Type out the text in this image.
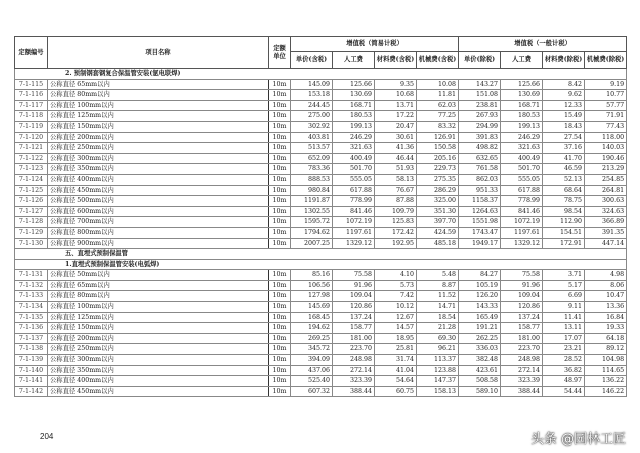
定额编号	项目名称	定额单位	增值税（简易计税）				增值税（一般计税）			
			单价(含税)	人工费	材料费(含税)	机械费(含税)	单价(除税)	人工费	材料费(除税)	机械费(除税)
2. 预制钢套钢复合保温管安装(氩电联焊)										
7-1-115	公称直径 65mm以内	10m	145.09	125.66	9.35	10.08	143.27	125.66	8.42	9.19
7-1-116	公称直径 80mm以内	10m	153.18	130.69	10.68	11.81	151.08	130.69	9.62	10.77
7-1-117	公称直径 100mm以内	10m	244.45	168.71	13.71	62.03	238.81	168.71	12.33	57.77
7-1-118	公称直径 125mm以内	10m	275.00	180.53	17.22	77.25	267.93	180.53	15.49	71.91
7-1-119	公称直径 150mm以内	10m	302.92	199.13	20.47	83.32	294.99	199.13	18.43	77.43
7-1-120	公称直径 200mm以内	10m	403.81	246.29	30.61	126.91	391.83	246.29	27.54	118.00
7-1-121	公称直径 250mm以内	10m	513.57	321.63	41.36	150.58	498.82	321.63	37.16	140.03
7-1-122	公称直径 300mm以内	10m	652.09	400.49	46.44	205.16	632.65	400.49	41.70	190.46
7-1-123	公称直径 350mm以内	10m	783.36	501.70	51.93	229.73	761.58	501.70	46.59	213.29
7-1-124	公称直径 400mm以内	10m	888.53	555.05	58.13	275.35	862.03	555.05	52.13	254.85
7-1-125	公称直径 450mm以内	10m	980.84	617.88	76.67	286.29	951.33	617.88	68.64	264.81
7-1-126	公称直径 500mm以内	10m	1191.87	778.99	87.88	325.00	1158.37	778.99	78.75	300.63
7-1-127	公称直径 600mm以内	10m	1302.55	841.46	109.79	351.30	1264.63	841.46	98.54	324.63
7-1-128	公称直径 700mm以内	10m	1595.72	1072.19	125.83	397.70	1551.98	1072.19	112.90	366.89
7-1-129	公称直径 800mm以内	10m	1794.62	1197.61	172.42	424.59	1743.47	1197.61	154.51	391.35
7-1-130	公称直径 900mm以内	10m	2007.25	1329.12	192.95	485.18	1949.17	1329.12	172.91	447.14
五、直埋式预制保温管										
1.直埋式预制保温管安装(电弧焊)										
7-1-131	公称直径 50mm以内	10m	85.16	75.58	4.10	5.48	84.27	75.58	3.71	4.98
7-1-132	公称直径 65mm以内	10m	106.56	91.96	5.73	8.87	105.19	91.96	5.17	8.06
7-1-133	公称直径 80mm以内	10m	127.98	109.04	7.42	11.52	126.20	109.04	6.69	10.47
7-1-134	公称直径 100mm以内	10m	145.69	120.86	10.12	14.71	143.33	120.86	9.11	13.36
7-1-135	公称直径 125mm以内	10m	168.45	137.24	12.67	18.54	165.49	137.24	11.41	16.84
7-1-136	公称直径 150mm以内	10m	194.62	158.77	14.57	21.28	191.21	158.77	13.11	19.33
7-1-137	公称直径 200mm以内	10m	269.25	181.00	18.95	69.30	262.25	181.00	17.07	64.18
7-1-138	公称直径 250mm以内	10m	345.72	223.70	25.81	96.21	336.03	223.70	23.21	89.12
7-1-139	公称直径 300mm以内	10m	394.09	248.98	31.74	113.37	382.48	248.98	28.52	104.98
7-1-140	公称直径 350mm以内	10m	437.06	272.14	41.04	123.88	423.61	272.14	36.82	114.65
7-1-141	公称直径 400mm以内	10m	525.40	323.39	54.64	147.37	508.58	323.39	48.97	136.22
7-1-142	公称直径 450mm以内	10m	607.32	388.44	60.75	158.13	589.10	388.44	54.44	146.22
204	头条 @园林工匠
